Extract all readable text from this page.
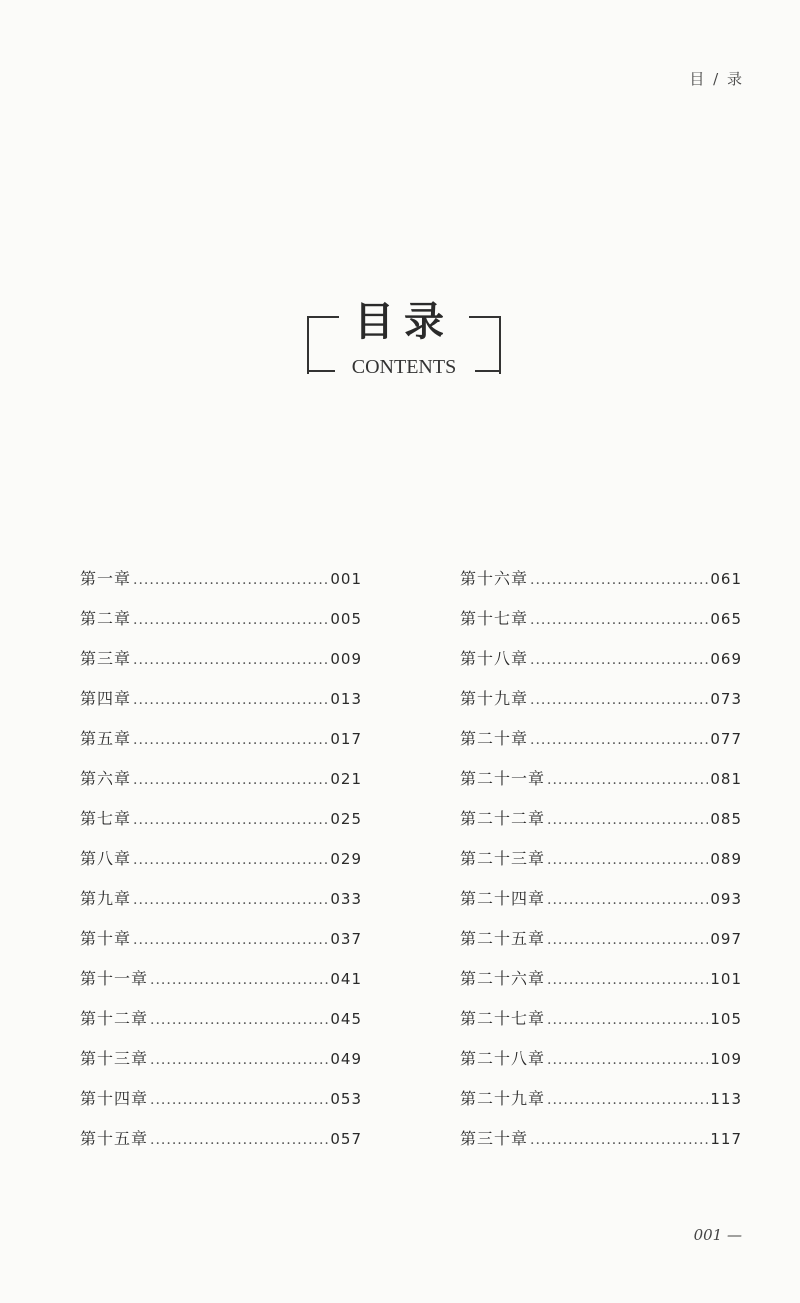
目 / 录
目录
CONTENTS
第一章 .....	001
第二章 .....	005
第三章 .....	009
第四章 .....	013
第五章 .....	017
第六章 .....	021
第七章 .....	025
第八章 .....	029
第九章 .....	033
第十章 .....	037
第十一章 .....	041
第十二章 .....	045
第十三章 .....	049
第十四章 .....	053
第十五章 .....	057
第十六章 .....	061
第十七章 .....	065
第十八章 .....	069
第十九章 .....	073
第二十章 .....	077
第二十一章 .....	081
第二十二章 .....	085
第二十三章 .....	089
第二十四章 .....	093
第二十五章 .....	097
第二十六章 .....	101
第二十七章 .....	105
第二十八章 .....	109
第二十九章 .....	113
第三十章 .....	117
001 —
